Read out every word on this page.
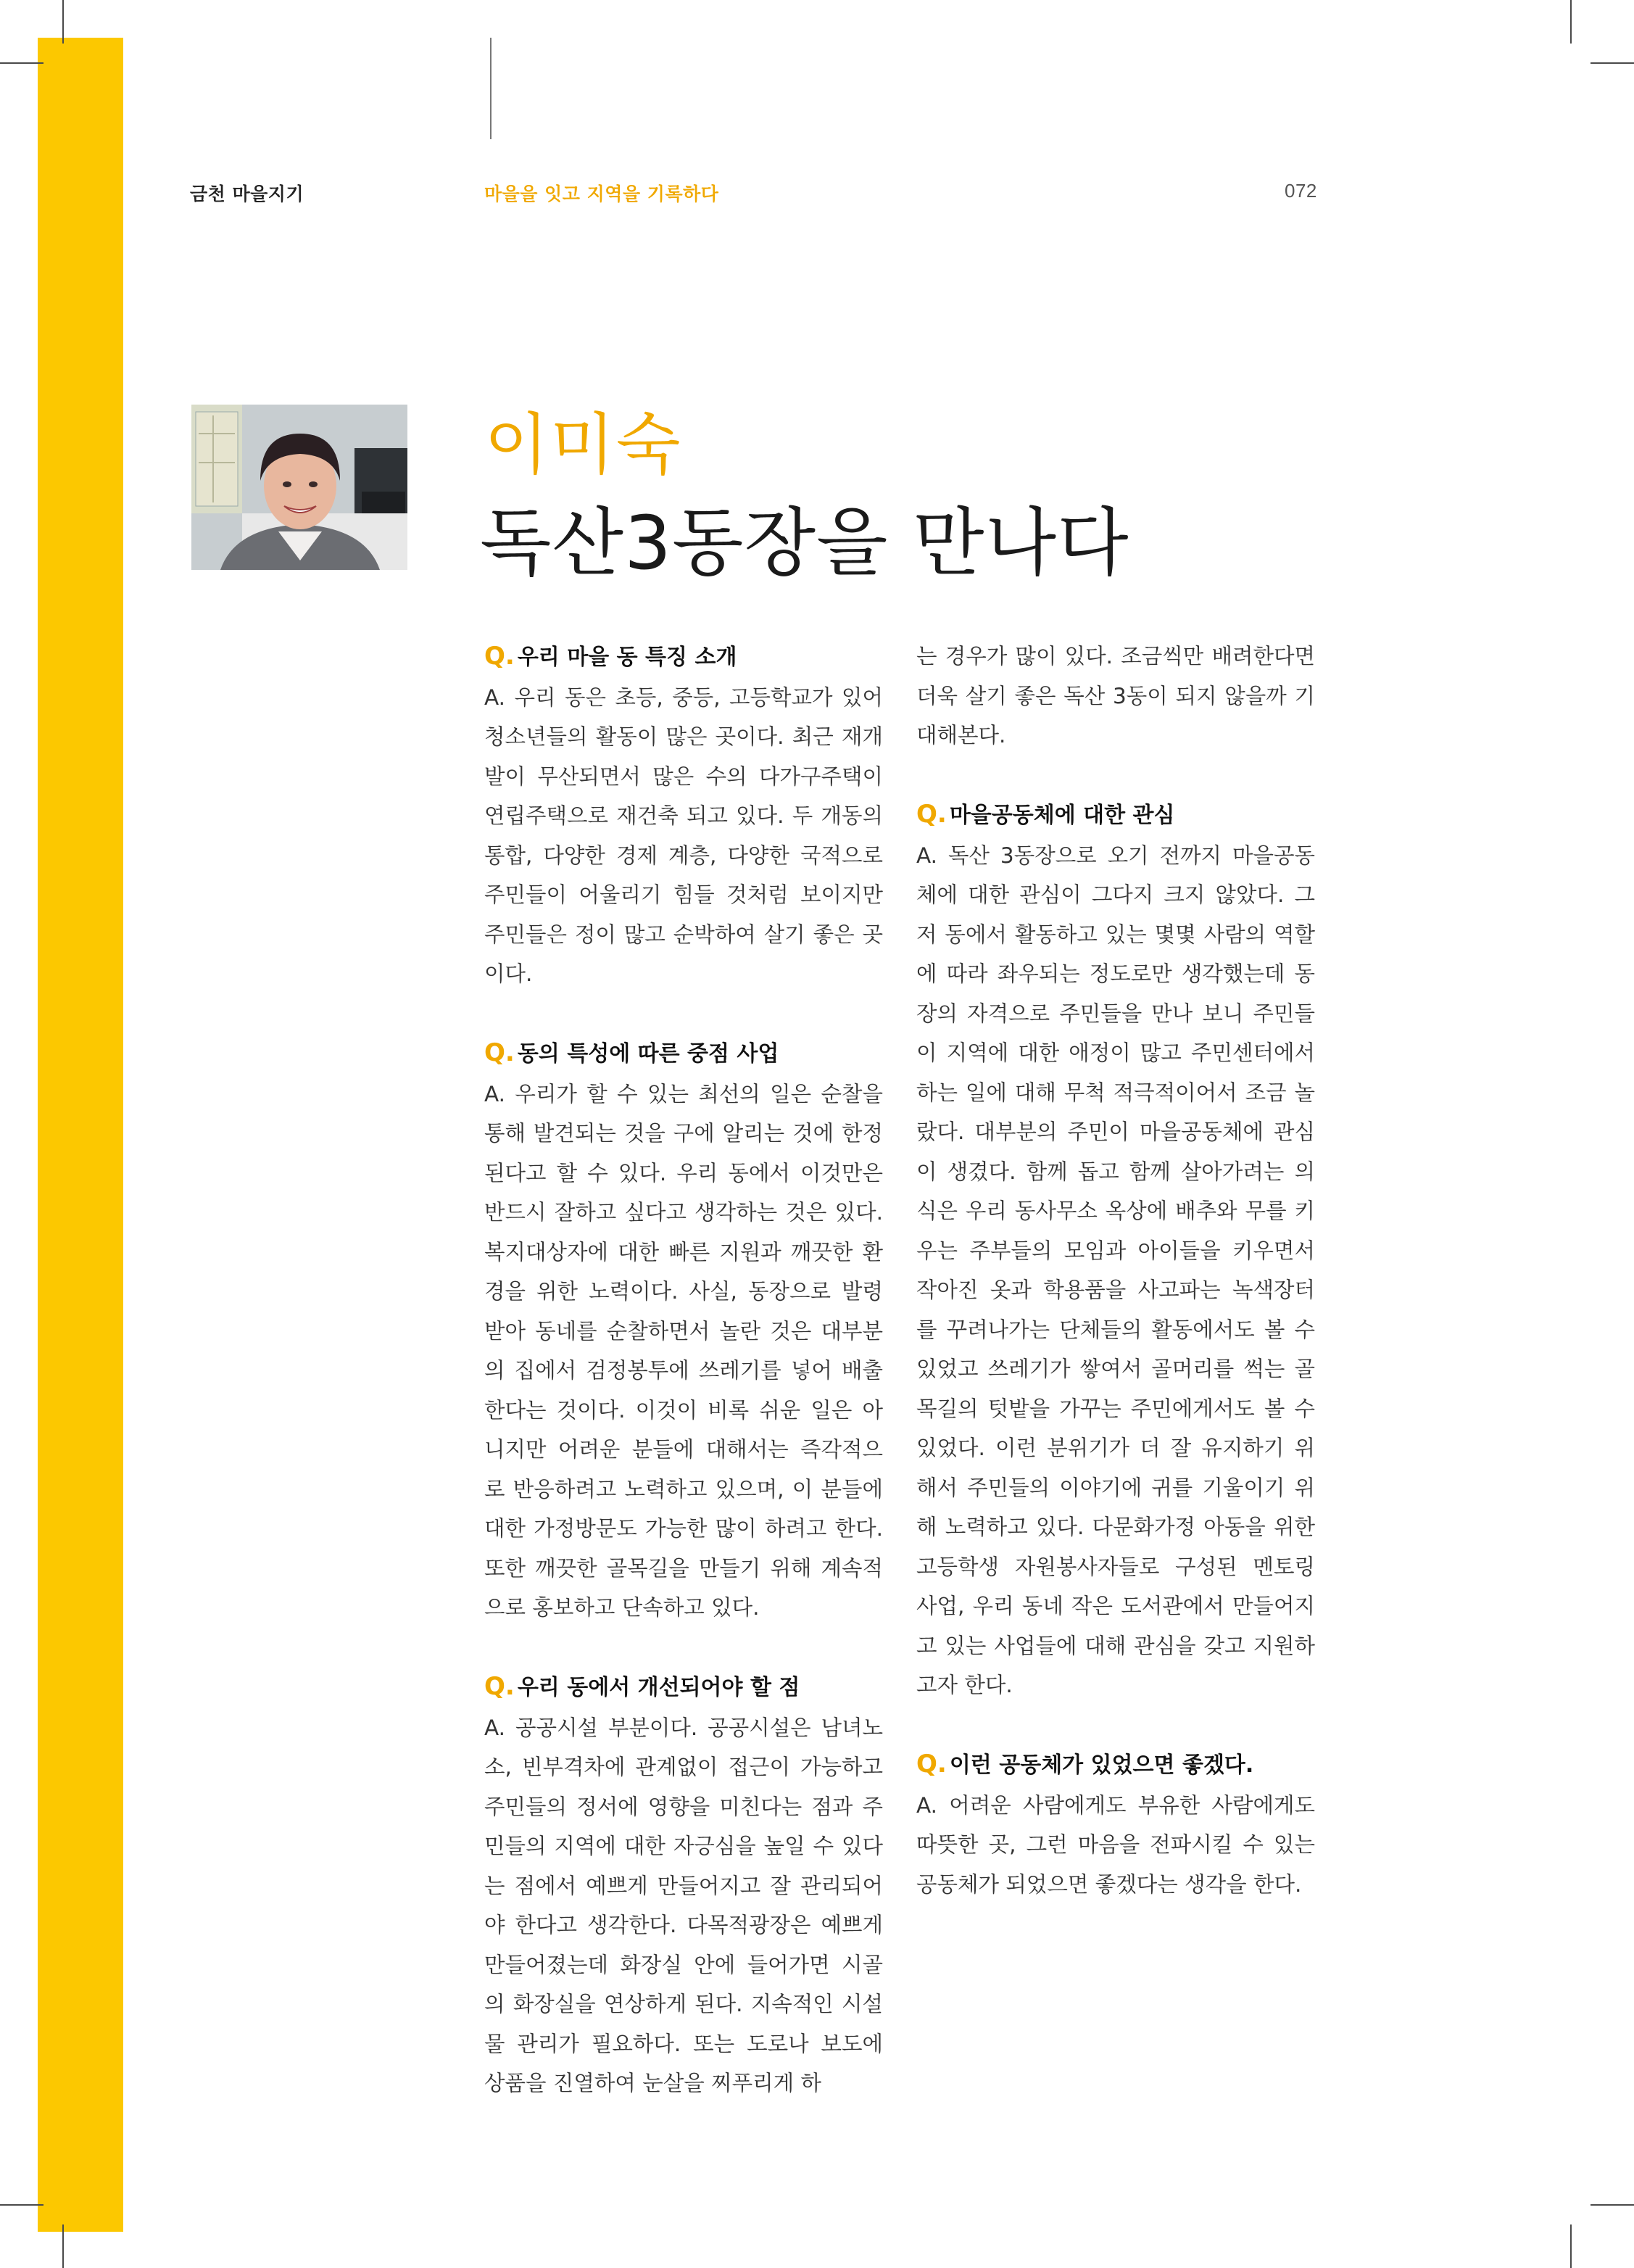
금천 마을지기	마을을 잇고 지역을 기록하다	072
이미숙
독산3동장을 만나다
Q. 우리 마을 동 특징 소개
A. 우리 동은 초등, 중등, 고등학교가 있어 청소년들의 활동이 많은 곳이다. 최근 재개발이 무산되면서 많은 수의 다가구주택이 연립주택으로 재건축 되고 있다. 두 개동의 통합, 다양한 경제 계층, 다양한 국적으로 주민들이 어울리기 힘들 것처럼 보이지만 주민들은 정이 많고 순박하여 살기 좋은 곳이다.
Q. 동의 특성에 따른 중점 사업
A. 우리가 할 수 있는 최선의 일은 순찰을 통해 발견되는 것을 구에 알리는 것에 한정된다고 할 수 있다. 우리 동에서 이것만은 반드시 잘하고 싶다고 생각하는 것은 있다. 복지대상자에 대한 빠른 지원과 깨끗한 환경을 위한 노력이다. 사실, 동장으로 발령받아 동네를 순찰하면서 놀란 것은 대부분의 집에서 검정봉투에 쓰레기를 넣어 배출한다는 것이다. 이것이 비록 쉬운 일은 아니지만 어려운 분들에 대해서는 즉각적으로 반응하려고 노력하고 있으며, 이 분들에 대한 가정방문도 가능한 많이 하려고 한다. 또한 깨끗한 골목길을 만들기 위해 계속적으로 홍보하고 단속하고 있다.
Q. 우리 동에서 개선되어야 할 점
A. 공공시설 부분이다. 공공시설은 남녀노소, 빈부격차에 관계없이 접근이 가능하고 주민들의 정서에 영향을 미친다는 점과 주민들의 지역에 대한 자긍심을 높일 수 있다는 점에서 예쁘게 만들어지고 잘 관리되어야 한다고 생각한다. 다목적광장은 예쁘게 만들어졌는데 화장실 안에 들어가면 시골의 화장실을 연상하게 된다. 지속적인 시설물 관리가 필요하다. 또는 도로나 보도에 상품을 진열하여 눈살을 찌푸리게 하
는 경우가 많이 있다. 조금씩만 배려한다면 더욱 살기 좋은 독산 3동이 되지 않을까 기대해본다.
Q. 마을공동체에 대한 관심
A. 독산 3동장으로 오기 전까지 마을공동체에 대한 관심이 그다지 크지 않았다. 그저 동에서 활동하고 있는 몇몇 사람의 역할에 따라 좌우되는 정도로만 생각했는데 동장의 자격으로 주민들을 만나 보니 주민들이 지역에 대한 애정이 많고 주민센터에서 하는 일에 대해 무척 적극적이어서 조금 놀랐다. 대부분의 주민이 마을공동체에 관심이 생겼다. 함께 돕고 함께 살아가려는 의식은 우리 동사무소 옥상에 배추와 무를 키우는 주부들의 모임과 아이들을 키우면서 작아진 옷과 학용품을 사고파는 녹색장터를 꾸려나가는 단체들의 활동에서도 볼 수 있었고 쓰레기가 쌓여서 골머리를 썩는 골목길의 텃밭을 가꾸는 주민에게서도 볼 수 있었다. 이런 분위기가 더 잘 유지하기 위해서 주민들의 이야기에 귀를 기울이기 위해 노력하고 있다. 다문화가정 아동을 위한 고등학생 자원봉사자들로 구성된 멘토링 사업, 우리 동네 작은 도서관에서 만들어지고 있는 사업들에 대해 관심을 갖고 지원하고자 한다.
Q. 이런 공동체가 있었으면 좋겠다.
A. 어려운 사람에게도 부유한 사람에게도 따뜻한 곳, 그런 마음을 전파시킬 수 있는 공동체가 되었으면 좋겠다는 생각을 한다.
